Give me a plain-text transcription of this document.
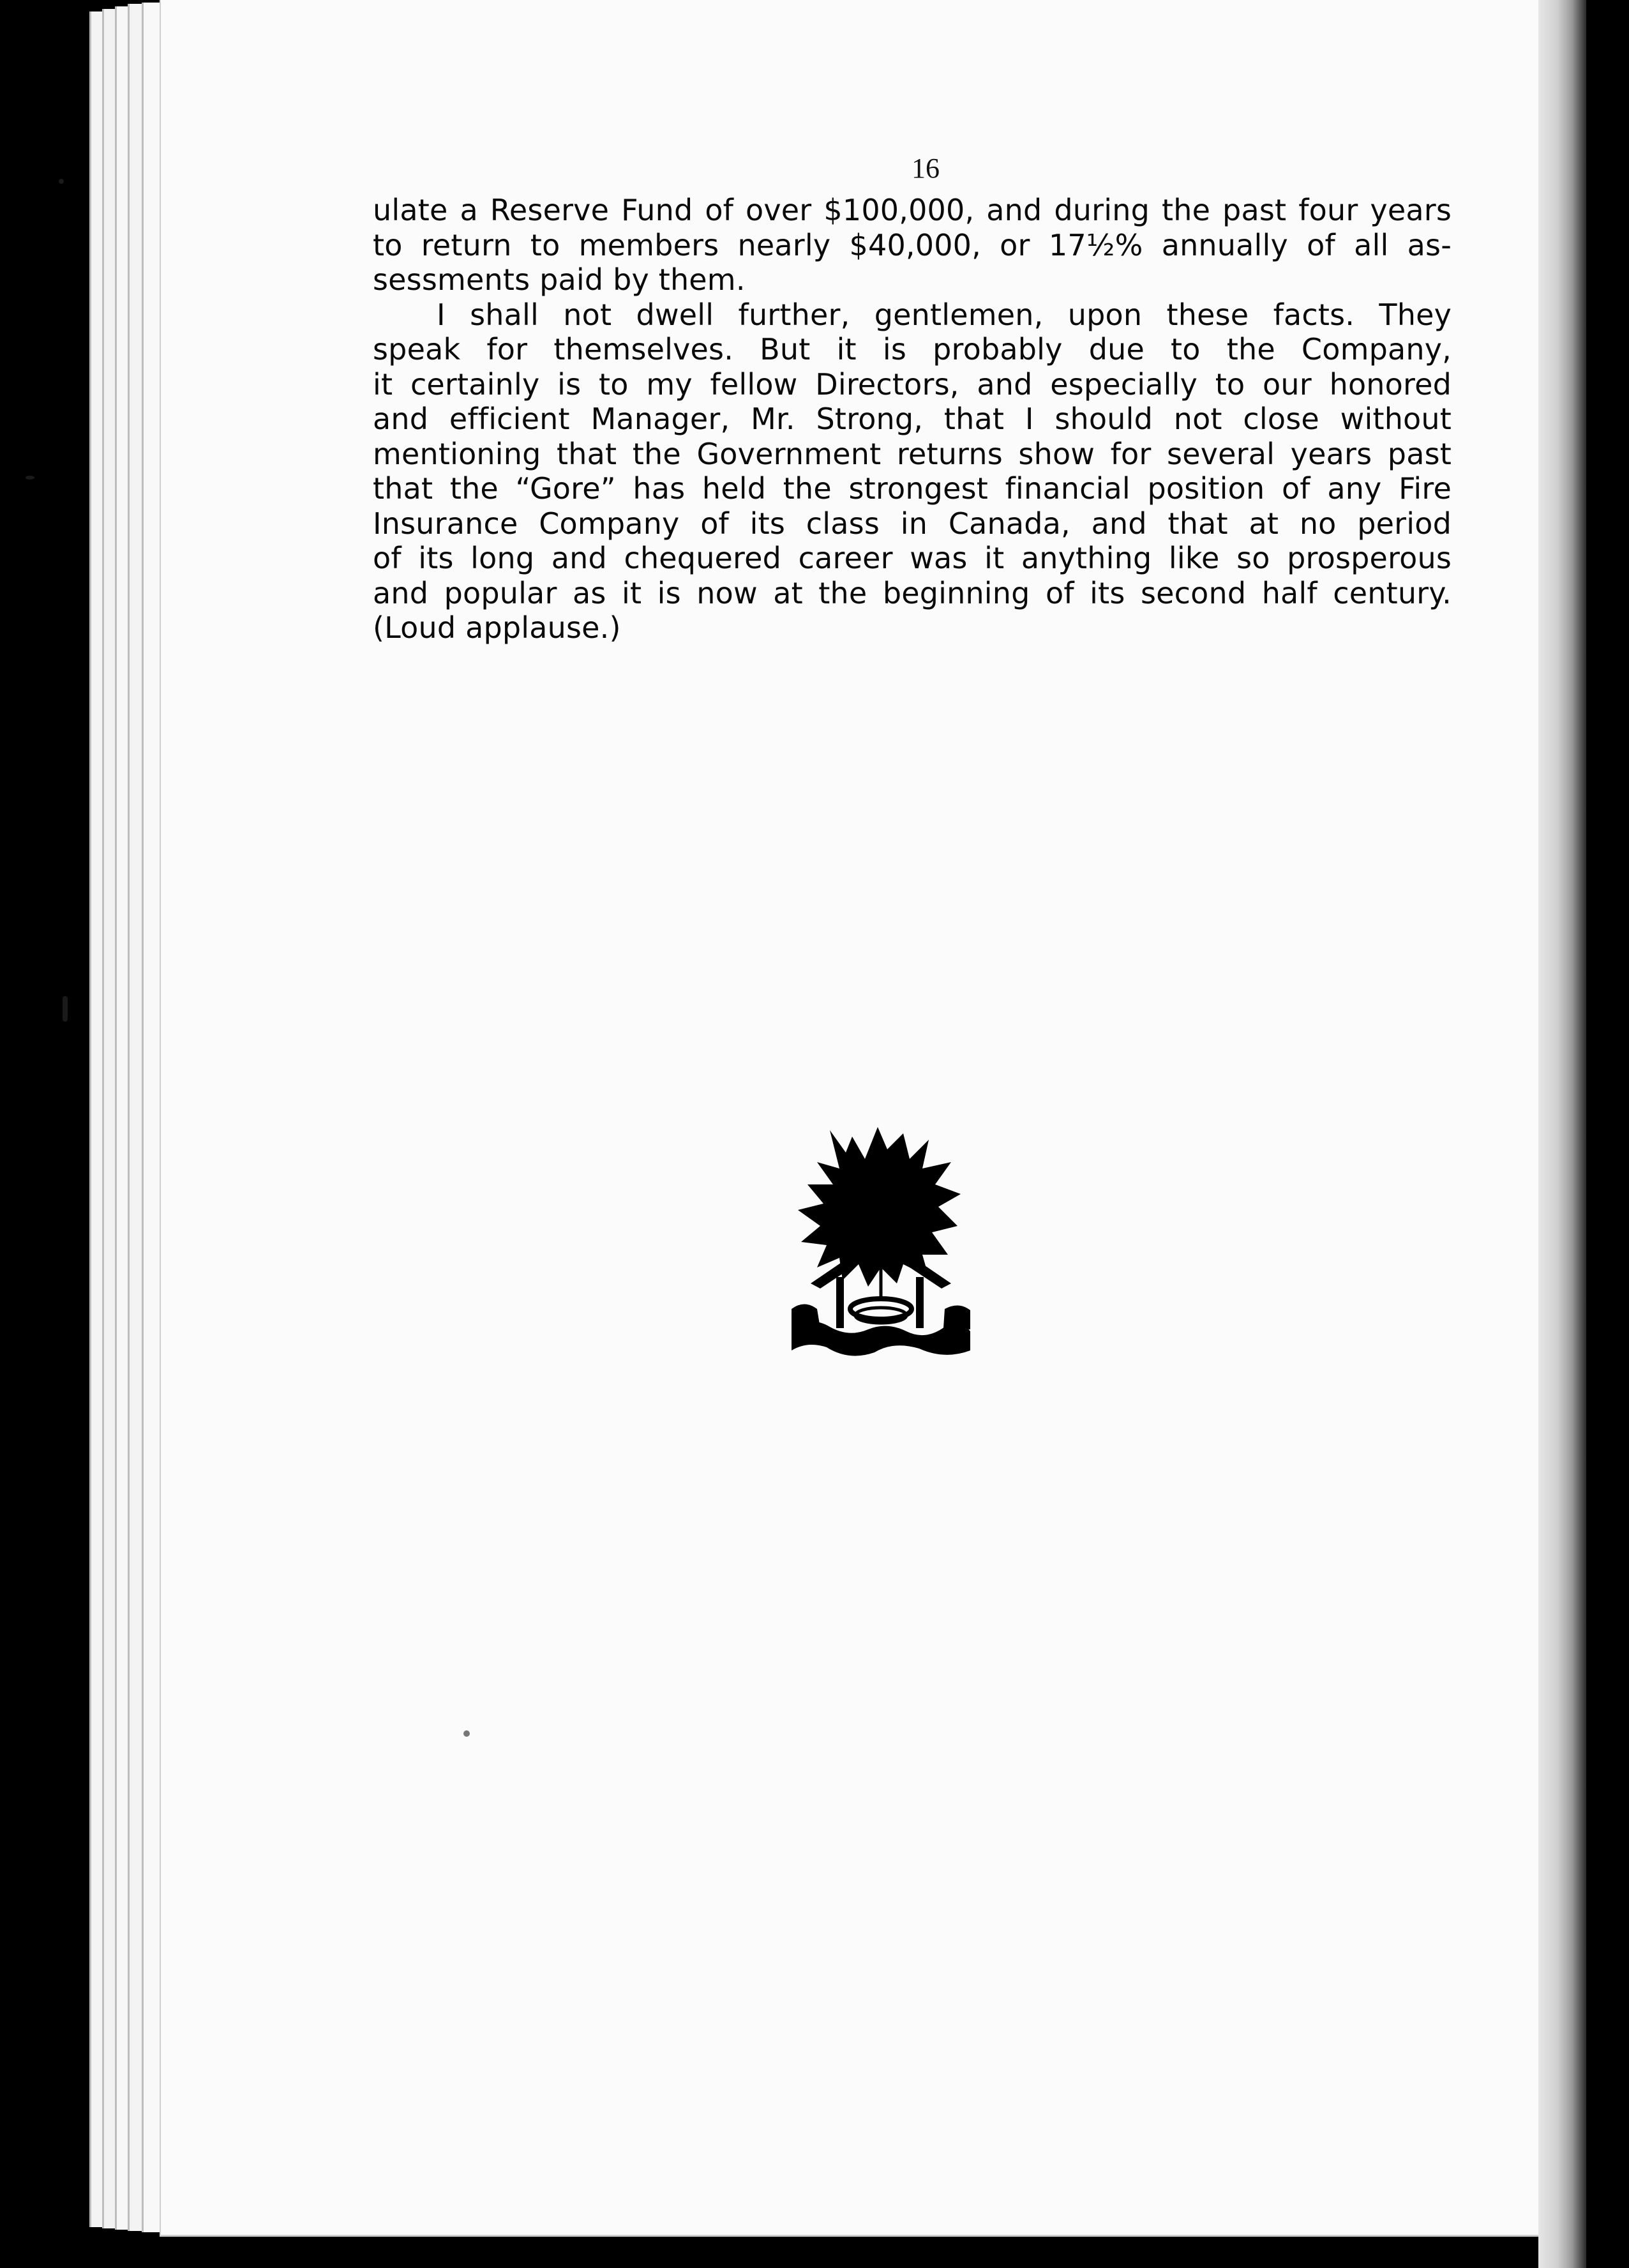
16
ulate a Reserve Fund of over $100,000, and during the past four years
to return to members nearly $40,000, or 17½% annually of all as-
sessments paid by them.
I shall not dwell further, gentlemen, upon these facts. They
speak for themselves. But it is probably due to the Company,
it certainly is to my fellow Directors, and especially to our honored
and efficient Manager, Mr. Strong, that I should not close without
mentioning that the Government returns show for several years past
that the “Gore” has held the strongest financial position of any Fire
Insurance Company of its class in Canada, and that at no period
of its long and chequered career was it anything like so prosperous
and popular as it is now at the beginning of its second half century.
(Loud applause.)
